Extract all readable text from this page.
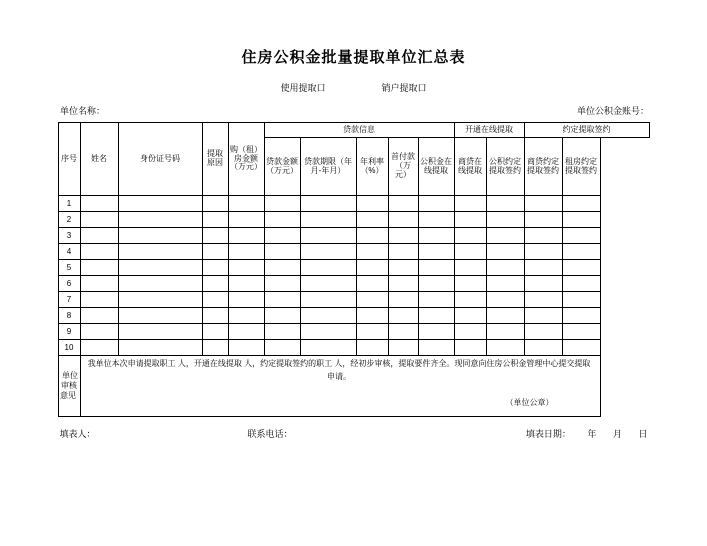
住房公积金批量提取单位汇总表
使用提取口	销户提取口
单位名称：	单位公积金账号：
序号	姓名	身份证号码	提取原因	购（租）房金额（万元）	贷款信息					开通在线提取		约定提取签约	

					贷款金额（万元）	贷款期限（年月-年月）	年利率（%）	首付款（万元）	公积金在线提取	商贷在线提取	公积约定提取签约	商贷约定提取签约	租房约定提取签约

1													
2													
3													
4													
5													
6													
7													
8													
9													
10													
单位审核意见	我单位本次申请提取职工 人，开通在线提取 人，约定提取签约的职工 人，经初步审核，提取要件齐全。现同意向住房公积金管理中心提交提取申请。
（单位公章）												
填表人：	联系电话：	填表日期： 年 月 日
